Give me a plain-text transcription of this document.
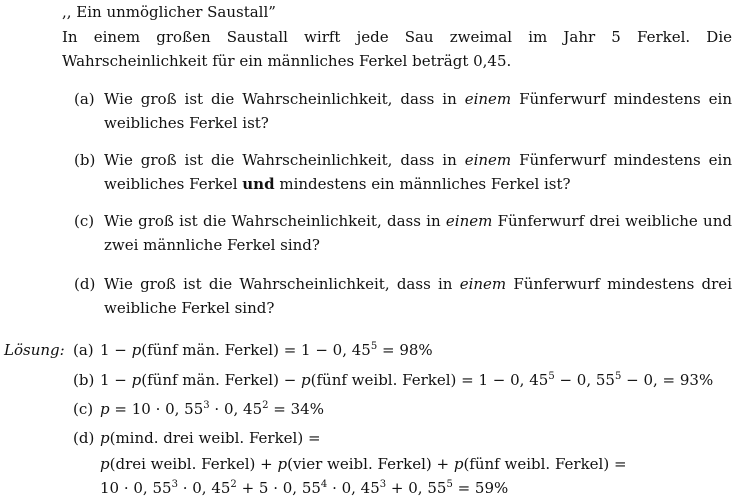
,, Ein unmöglicher Saustall”
In einem großen Saustall wirft jede Sau zweimal im Jahr 5 Ferkel. Die Wahrscheinlichkeit für ein männliches Ferkel beträgt 0,45.
(a) Wie groß ist die Wahrscheinlichkeit, dass in einem Fünferwurf mindestens ein weibliches Ferkel ist?
(b) Wie groß ist die Wahrscheinlichkeit, dass in einem Fünferwurf mindestens ein weibliches Ferkel und mindestens ein männliches Ferkel ist?
(c) Wie groß ist die Wahrscheinlichkeit, dass in einem Fünferwurf drei weibliche und zwei männliche Ferkel sind?
(d) Wie groß ist die Wahrscheinlichkeit, dass in einem Fünferwurf mindestens drei weibliche Ferkel sind?
Lösung: (a) 1 − p(fünf män. Ferkel) = 1 − 0, $45^5 = 98\%$
(b) 1 − p(fünf män. Ferkel) − p(fünf weibl. Ferkel) = 1 − 0, $45^5 - 0$, $55^5 - 0$, = 93%
(c) p = 10 · 0, $55^3 \cdot 0$, $45^2 = 34\%$
(d) p(mind. drei weibl. Ferkel) =
p(drei weibl. Ferkel) + p(vier weibl. Ferkel) + p(fünf weibl. Ferkel) =
10 · 0, $55^3 \cdot 0$, $45^2 + 5 \cdot 0$, $55^4 \cdot 0$, $45^3 + 0$, $55^5 = 59\%$
